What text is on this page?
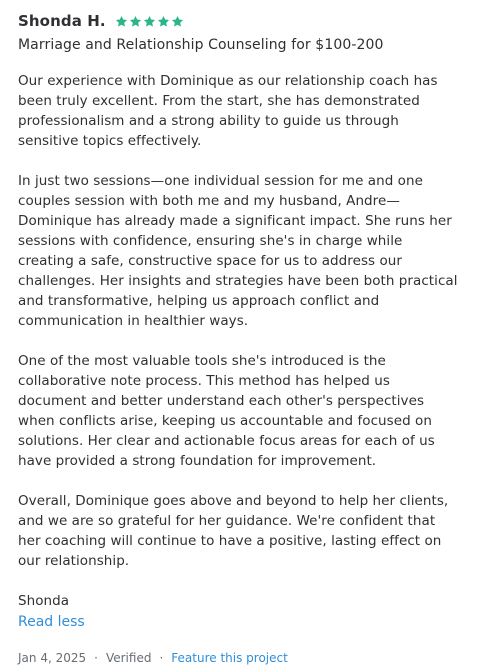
Shonda H.
Marriage and Relationship Counseling for $100-200

Our experience with Dominique as our relationship coach has been truly excellent. From the start, she has demonstrated professionalism and a strong ability to guide us through sensitive topics effectively.

In just two sessions—one individual session for me and one couples session with both me and my husband, Andre—Dominique has already made a significant impact. She runs her sessions with confidence, ensuring she's in charge while creating a safe, constructive space for us to address our challenges. Her insights and strategies have been both practical and transformative, helping us approach conflict and communication in healthier ways.

One of the most valuable tools she's introduced is the collaborative note process. This method has helped us document and better understand each other's perspectives when conflicts arise, keeping us accountable and focused on solutions. Her clear and actionable focus areas for each of us have provided a strong foundation for improvement.

Overall, Dominique goes above and beyond to help her clients, and we are so grateful for her guidance. We're confident that her coaching will continue to have a positive, lasting effect on our relationship.

Shonda

Read less
Jan 4, 2025 · Verified · Feature this project
